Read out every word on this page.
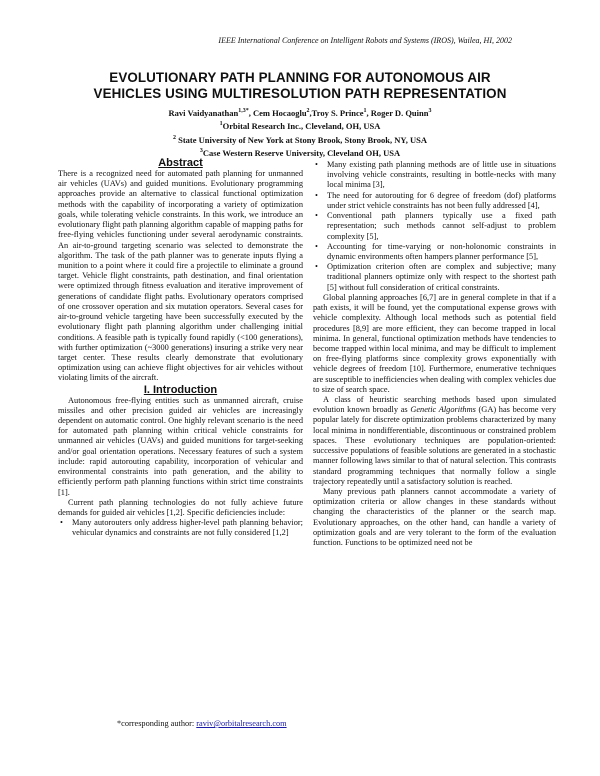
IEEE International Conference on Intelligent Robots and Systems (IROS), Wailea, HI, 2002
EVOLUTIONARY PATH PLANNING FOR AUTONOMOUS AIR
VEHICLES USING MULTIRESOLUTION PATH REPRESENTATION
Ravi Vaidyanathan$^{1,3*}$, Cem Hocaoglu$^2$,Troy S. Prince$^1$, Roger D. Quinn$^3$
$^1$Orbital Research Inc., Cleveland, OH, USA
$^2$ State University of New York at Stony Brook, Stony Brook, NY, USA
$^3$Case Western Reserve University, Cleveland OH, USA
Abstract

There is a recognized need for automated path planning for unmanned air vehicles (UAVs) and guided munitions. Evolutionary programming approaches provide an alternative to classical functional optimization methods with the capability of incorporating a variety of optimization goals, while tolerating vehicle constraints. In this work, we introduce an evolutionary flight path planning algorithm capable of mapping paths for free-flying vehicles functioning under several aerodynamic constraints. An air-to-ground targeting scenario was selected to demonstrate the algorithm. The task of the path planner was to generate inputs flying a munition to a point where it could fire a projectile to eliminate a ground target. Vehicle flight constraints, path destination, and final orientation were optimized through fitness evaluation and iterative improvement of generations of candidate flight paths. Evolutionary operators comprised of one crossover operation and six mutation operators. Several cases for air-to-ground vehicle targeting have been successfully executed by the evolutionary flight path planning algorithm under challenging initial conditions. A feasible path is typically found rapidly (<100 generations), with further optimization (~3000 generations) insuring a strike very near target center. These results clearly demonstrate that evolutionary optimization using can achieve flight objectives for air vehicles without violating limits of the aircraft.

I. Introduction

Autonomous free-flying entities such as unmanned aircraft, cruise missiles and other precision guided air vehicles are increasingly dependent on automatic control. One highly relevant scenario is the need for automated path planning within critical vehicle constraints for unmanned air vehicles (UAVs) and guided munitions for target-seeking and/or goal orientation operations. Necessary features of such a system include: rapid autorouting capability, incorporation of vehicular and environmental constraints into path generation, and the ability to efficiently perform path planning functions within strict time constraints [1].

Current path planning technologies do not fully achieve future demands for guided air vehicles [1,2]. Specific deficiencies include:

• Many autorouters only address higher-level path planning behavior; vehicular dynamics and constraints are not fully considered [1,2]
• Many existing path planning methods are of little use in situations involving vehicle constraints, resulting in bottle-necks with many local minima [3],
• The need for autorouting for 6 degree of freedom (dof) platforms under strict vehicle constraints has not been fully addressed [4],
• Conventional path planners typically use a fixed path representation; such methods cannot self-adjust to problem complexity [5],
• Accounting for time-varying or non-holonomic constraints in dynamic environments often hampers planner performance [5],
• Optimization criterion often are complex and subjective; many traditional planners optimize only with respect to the shortest path [5] without full consideration of critical constraints.

Global planning approaches [6,7] are in general complete in that if a path exists, it will be found, yet the computational expense grows with vehicle complexity. Although local methods such as potential field procedures [8,9] are more efficient, they can become trapped in local minima. In general, functional optimization methods have tendencies to become trapped within local minima, and may be difficult to implement on free-flying platforms since complexity grows exponentially with vehicle degrees of freedom [10]. Furthermore, enumerative techniques are susceptible to inefficiencies when dealing with complex vehicles due to size of search space.

A class of heuristic searching methods based upon simulated evolution known broadly as Genetic Algorithms (GA) has become very popular lately for discrete optimization problems characterized by many local minima in nondifferentiable, discontinuous or constrained problem spaces. These evolutionary techniques are population-oriented: successive populations of feasible solutions are generated in a stochastic manner following laws similar to that of natural selection. This contrasts standard programming techniques that normally follow a single trajectory repeatedly until a satisfactory solution is reached.

Many previous path planners cannot accommodate a variety of optimization criteria or allow changes in these standards without changing the characteristics of the planner or the search map. Evolutionary approaches, on the other hand, can handle a variety of optimization goals and are very tolerant to the form of the evaluation function. Functions to be optimized need not be

*corresponding author: raviv@orbitalresearch.com
